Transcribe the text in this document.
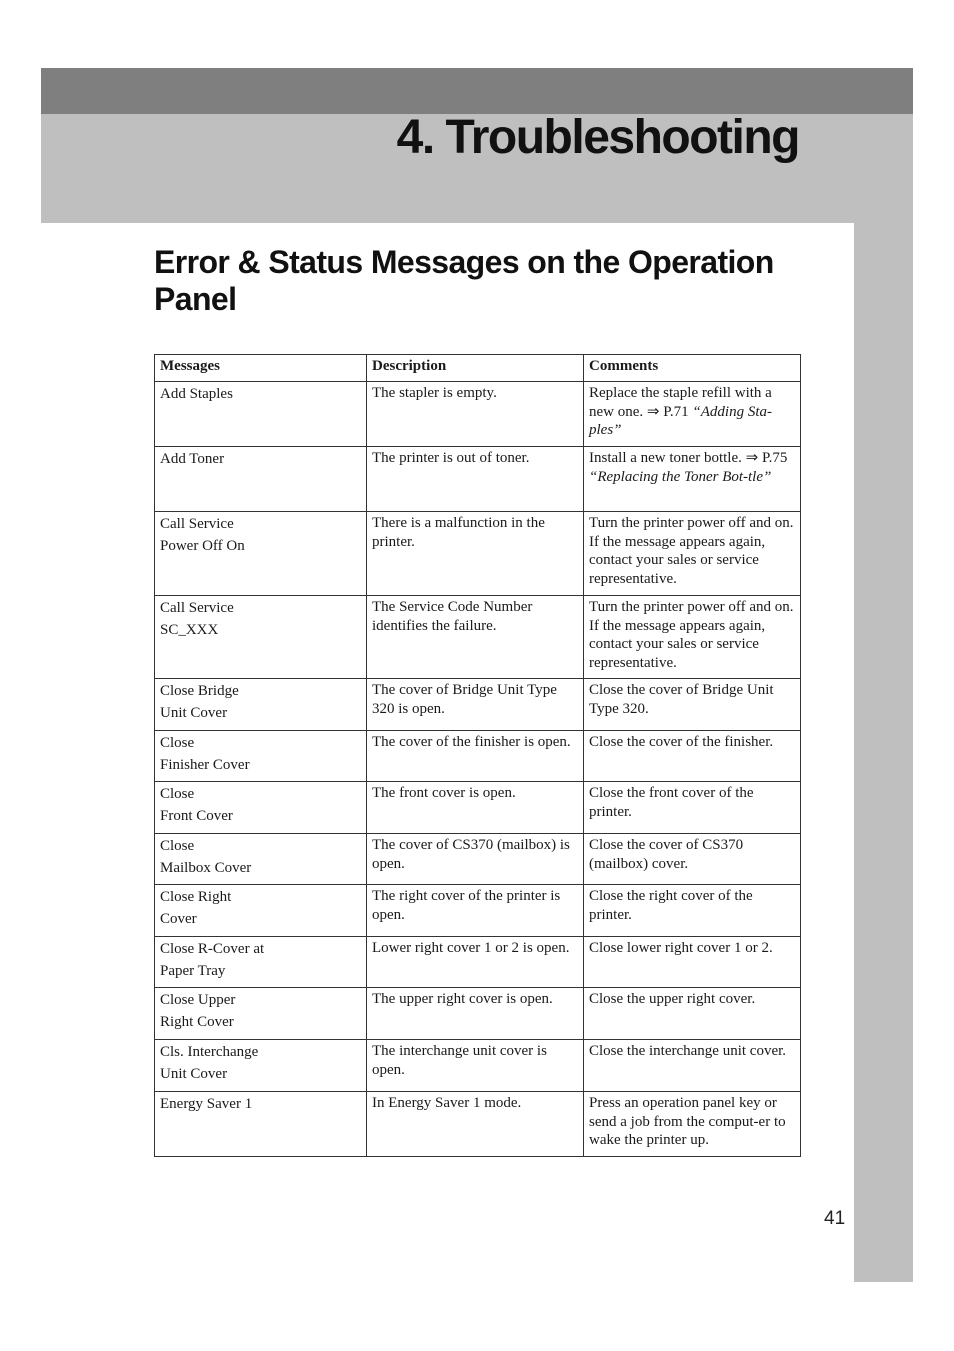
4. Troubleshooting
Error & Status Messages on the Operation Panel
Messages	Description	Comments

Add Staples	The stapler is empty.	Replace the staple refill with a new one. ⇒ P.71 “Adding Sta-ples”

Add Toner	The printer is out of toner.	Install a new toner bottle. ⇒ P.75 “Replacing the Toner Bot-tle”

Call Service
Power Off On	There is a malfunction in the printer.	Turn the printer power off and on. If the message appears again, contact your sales or service representative.

Call Service
SC_XXX	The Service Code Number identifies the failure.	Turn the printer power off and on. If the message appears again, contact your sales or service representative.

Close Bridge
Unit Cover	The cover of Bridge Unit Type 320 is open.	Close the cover of Bridge Unit Type 320.

Close
Finisher Cover	The cover of the finisher is open.	Close the cover of the finisher.

Close
Front Cover	The front cover is open.	Close the front cover of the printer.

Close
Mailbox Cover	The cover of CS370 (mailbox) is open.	Close the cover of CS370 (mailbox) cover.

Close Right
Cover	The right cover of the printer is open.	Close the right cover of the printer.

Close R-Cover at
Paper Tray	Lower right cover 1 or 2 is open.	Close lower right cover 1 or 2.

Close Upper
Right Cover	The upper right cover is open.	Close the upper right cover.

Cls. Interchange
Unit Cover	The interchange unit cover is open.	Close the interchange unit cover.

Energy Saver 1	In Energy Saver 1 mode.	Press an operation panel key or send a job from the comput-er to wake the printer up.
41
